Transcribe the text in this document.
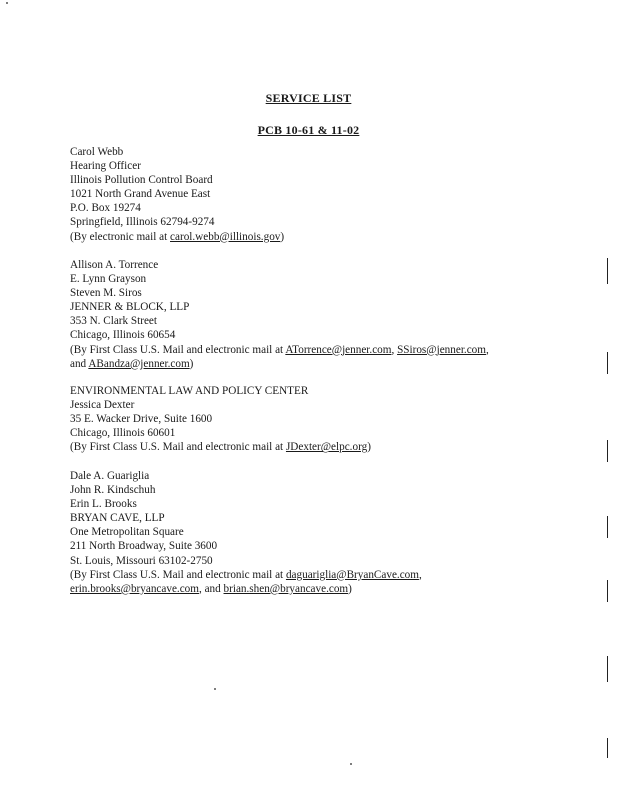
SERVICE LIST
PCB 10-61 & 11-02
Carol Webb
Hearing Officer
Illinois Pollution Control Board
1021 North Grand Avenue East
P.O. Box 19274
Springfield, Illinois 62794-9274
(By electronic mail at carol.webb@illinois.gov)
Allison A. Torrence
E. Lynn Grayson
Steven M. Siros
JENNER & BLOCK, LLP
353 N. Clark Street
Chicago, Illinois 60654
(By First Class U.S. Mail and electronic mail at ATorrence@jenner.com, SSiros@jenner.com,
and ABandza@jenner.com)
ENVIRONMENTAL LAW AND POLICY CENTER
Jessica Dexter
35 E. Wacker Drive, Suite 1600
Chicago, Illinois 60601
(By First Class U.S. Mail and electronic mail at JDexter@elpc.org)
Dale A. Guariglia
John R. Kindschuh
Erin L. Brooks
BRYAN CAVE, LLP
One Metropolitan Square
211 North Broadway, Suite 3600
St. Louis, Missouri 63102-2750
(By First Class U.S. Mail and electronic mail at daguariglia@BryanCave.com,
erin.brooks@bryancave.com, and brian.shen@bryancave.com)
